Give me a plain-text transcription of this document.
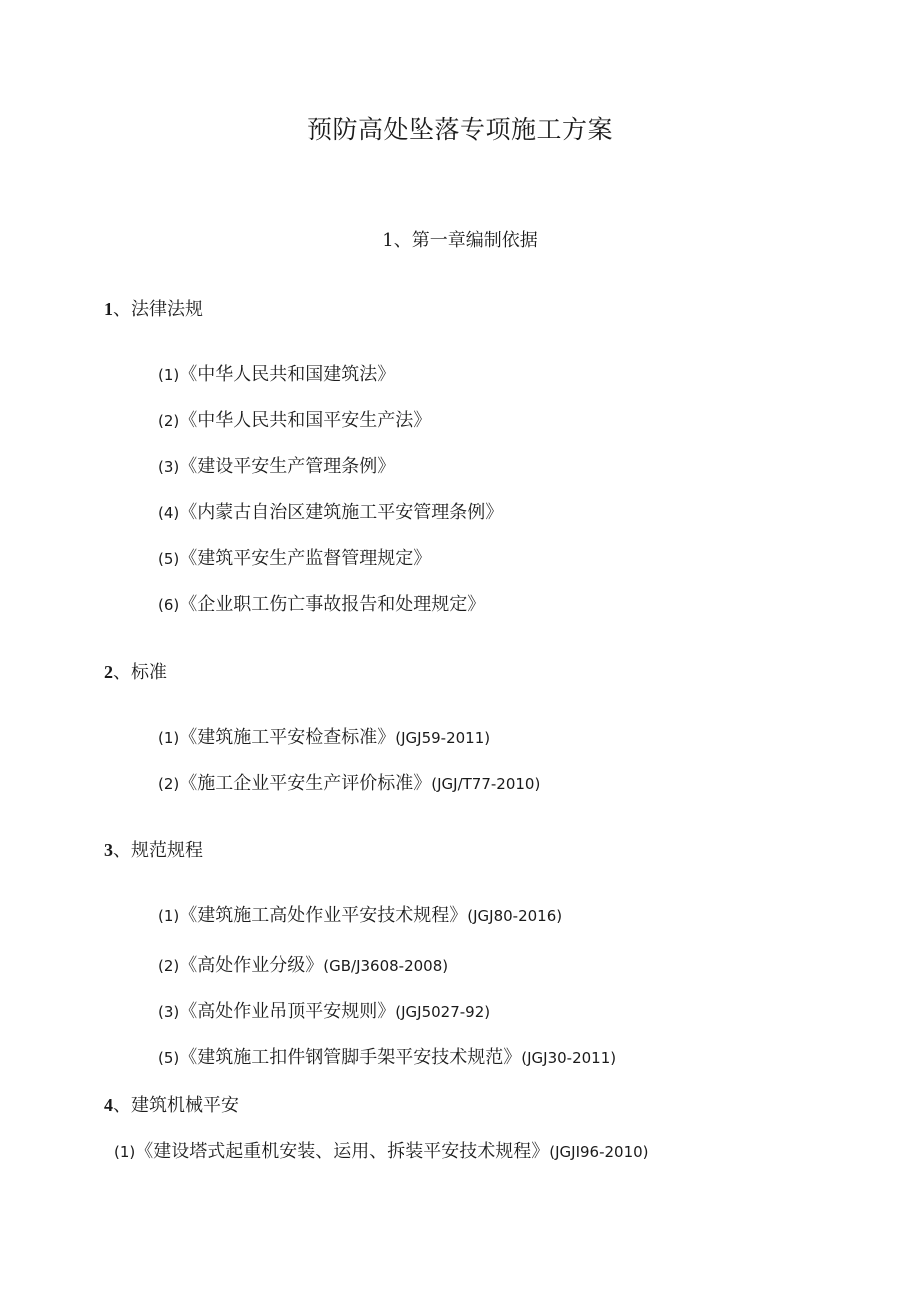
预防高处坠落专项施工方案
1、第一章编制依据
1、法律法规
(1)《中华人民共和国建筑法》
(2)《中华人民共和国平安生产法》
(3)《建设平安生产管理条例》
(4)《内蒙古自治区建筑施工平安管理条例》
(5)《建筑平安生产监督管理规定》
(6)《企业职工伤亡事故报告和处理规定》
2、标准
(1)《建筑施工平安检查标准》(JGJ59-2011)
(2)《施工企业平安生产评价标准》(JGJ/T77-2010)
3、规范规程
(1)《建筑施工高处作业平安技术规程》(JGJ80-2016)
(2)《高处作业分级》(GB/J3608-2008)
(3)《高处作业吊顶平安规则》(JGJ5027-92)
(5)《建筑施工扣件钢管脚手架平安技术规范》(JGJ30-2011)
4、建筑机械平安
(1)《建设塔式起重机安装、运用、拆装平安技术规程》(JGJI96-2010)
